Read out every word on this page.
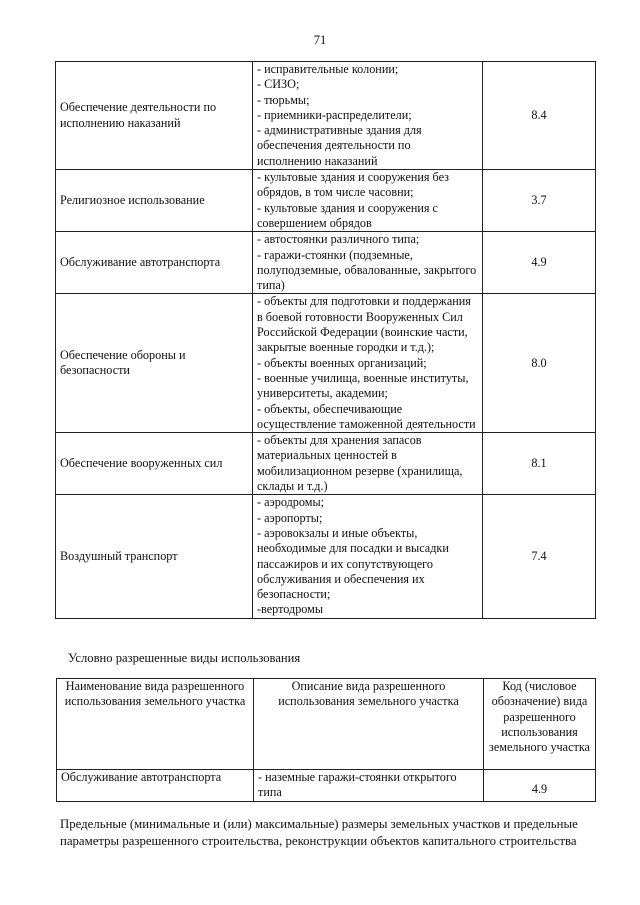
71
Обеспечение деятельности по исполнению наказаний	- исправительные колонии;
- СИЗО;
- тюрьмы;
- приемники-распределители;
- административные здания для обеспечения деятельности по исполнению наказаний	8.4
Религиозное использование	- культовые здания и сооружения без обрядов, в том числе часовни;
- культовые здания и сооружения с совершением обрядов	3.7
Обслуживание автотранспорта	- автостоянки различного типа;
- гаражи-стоянки (подземные, полуподземные, обвалованные, закрытого типа)	4.9
Обеспечение обороны и безопасности	- объекты для подготовки и поддержания в боевой готовности Вооруженных Сил Российской Федерации (воинские части, закрытые военные городки и т.д.);
- объекты военных организаций;
- военные училища, военные институты, университеты, академии;
- объекты, обеспечивающие осуществление таможенной деятельности	8.0
Обеспечение вооруженных сил	- объекты для хранения запасов материальных ценностей в мобилизационном резерве (хранилища, склады и т.д.)	8.1
Воздушный транспорт	- аэродромы;
- аэропорты;
- аэровокзалы и иные объекты, необходимые для посадки и высадки пассажиров и их сопутствующего обслуживания и обеспечения их безопасности;
-вертодромы	7.4
Условно разрешенные виды использования
Наименование вида разрешенного использования земельного участка	Описание вида разрешенного использования земельного участка	Код (числовое обозначение) вида разрешенного использования земельного участка
Обслуживание автотранспорта	- наземные гаражи-стоянки открытого типа	4.9
Предельные (минимальные и (или) максимальные) размеры земельных участков и предельные
параметры разрешенного строительства, реконструкции объектов капитального строительства
